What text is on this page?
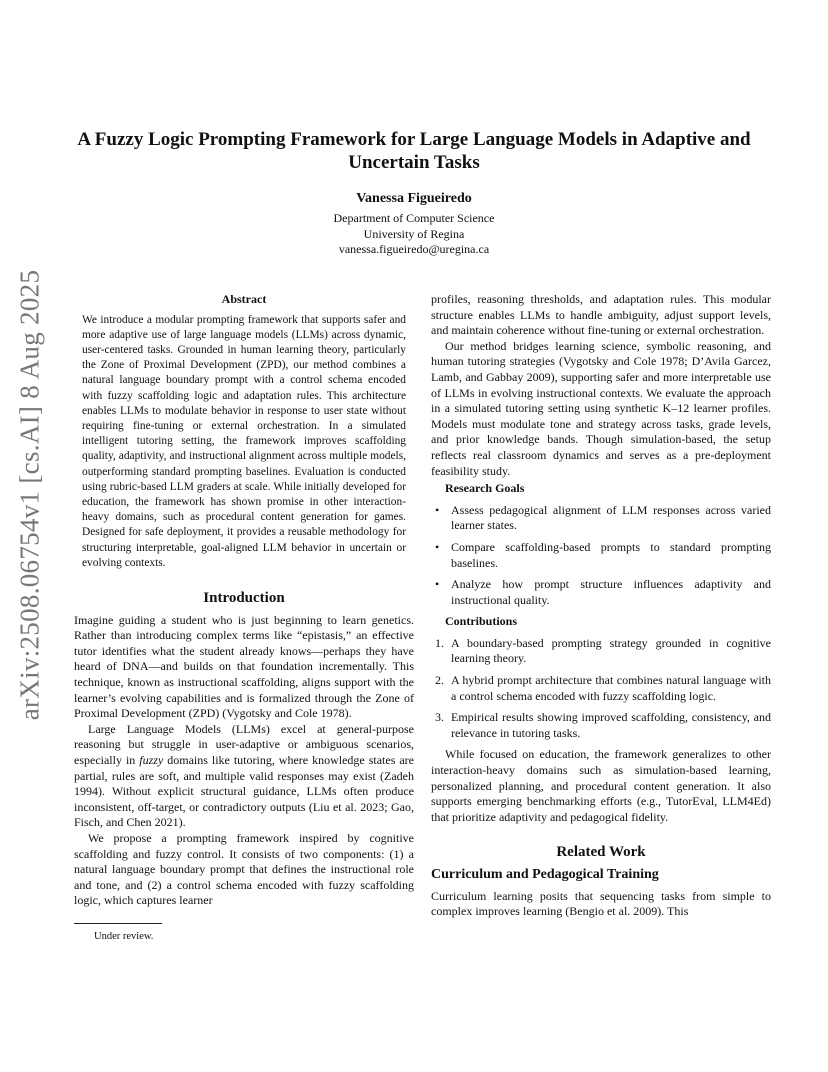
arXiv:2508.06754v1 [cs.AI] 8 Aug 2025
A Fuzzy Logic Prompting Framework for Large Language Models in Adaptive and Uncertain Tasks
Vanessa Figueiredo
Department of Computer Science
University of Regina
vanessa.figueiredo@uregina.ca
Abstract

We introduce a modular prompting framework that supports safer and more adaptive use of large language models (LLMs) across dynamic, user-centered tasks. Grounded in human learning theory, particularly the Zone of Proximal Development (ZPD), our method combines a natural language boundary prompt with a control schema encoded with fuzzy scaffolding logic and adaptation rules. This architecture enables LLMs to modulate behavior in response to user state without requiring fine-tuning or external orchestration. In a simulated intelligent tutoring setting, the framework improves scaffolding quality, adaptivity, and instructional alignment across multiple models, outperforming standard prompting baselines. Evaluation is conducted using rubric-based LLM graders at scale. While initially developed for education, the framework has shown promise in other interaction-heavy domains, such as procedural content generation for games. Designed for safe deployment, it provides a reusable methodology for structuring interpretable, goal-aligned LLM behavior in uncertain or evolving contexts.

Introduction

Imagine guiding a student who is just beginning to learn genetics. Rather than introducing complex terms like “epistasis,” an effective tutor identifies what the student already knows—perhaps they have heard of DNA—and builds on that foundation incrementally. This technique, known as instructional scaffolding, aligns support with the learner’s evolving capabilities and is formalized through the Zone of Proximal Development (ZPD) (Vygotsky and Cole 1978).

Large Language Models (LLMs) excel at general-purpose reasoning but struggle in user-adaptive or ambiguous scenarios, especially in fuzzy domains like tutoring, where knowledge states are partial, rules are soft, and multiple valid responses may exist (Zadeh 1994). Without explicit structural guidance, LLMs often produce inconsistent, off-target, or contradictory outputs (Liu et al. 2023; Gao, Fisch, and Chen 2021).

We propose a prompting framework inspired by cognitive scaffolding and fuzzy control. It consists of two components: (1) a natural language boundary prompt that defines the instructional role and tone, and (2) a control schema encoded with fuzzy scaffolding logic, which captures learner

Under review.

profiles, reasoning thresholds, and adaptation rules. This modular structure enables LLMs to handle ambiguity, adjust support levels, and maintain coherence without fine-tuning or external orchestration.

Our method bridges learning science, symbolic reasoning, and human tutoring strategies (Vygotsky and Cole 1978; D’Avila Garcez, Lamb, and Gabbay 2009), supporting safer and more interpretable use of LLMs in evolving instructional contexts. We evaluate the approach in a simulated tutoring setting using synthetic K–12 learner profiles. Models must modulate tone and strategy across tasks, grade levels, and prior knowledge bands. Though simulation-based, the setup reflects real classroom dynamics and serves as a pre-deployment feasibility study.

Research Goals
• Assess pedagogical alignment of LLM responses across varied learner states.
• Compare scaffolding-based prompts to standard prompting baselines.
• Analyze how prompt structure influences adaptivity and instructional quality.
Contributions
1. A boundary-based prompting strategy grounded in cognitive learning theory.
2. A hybrid prompt architecture that combines natural language with a control schema encoded with fuzzy scaffolding logic.
3. Empirical results showing improved scaffolding, consistency, and relevance in tutoring tasks.

While focused on education, the framework generalizes to other interaction-heavy domains such as simulation-based learning, personalized planning, and procedural content generation. It also supports emerging benchmarking efforts (e.g., TutorEval, LLM4Ed) that prioritize adaptivity and pedagogical fidelity.

Related Work
Curriculum and Pedagogical Training

Curriculum learning posits that sequencing tasks from simple to complex improves learning (Bengio et al. 2009). This
